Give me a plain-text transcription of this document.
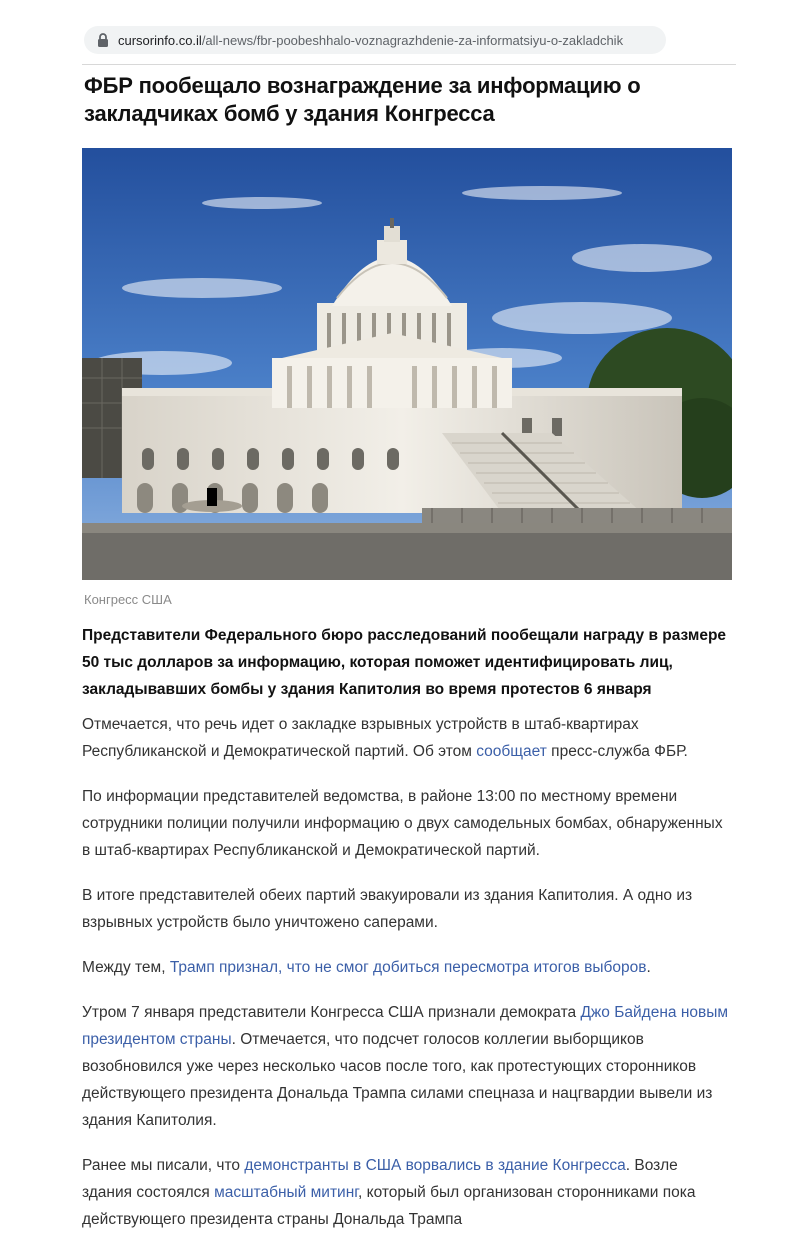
cursorinfo.co.il /all-news/fbr-poobeshhalo-voznagrazhdenie-za-informatsiyu-o-zakladchik
ФБР пообещало вознаграждение за информацию о закладчиках бомб у здания Конгресса
Конгресс США

Представители Федерального бюро расследований пообещали награду в размере 50 тыс долларов за информацию, которая поможет идентифицировать лиц, закладывавших бомбы у здания Капитолия во время протестов 6 января

Отмечается, что речь идет о закладке взрывных устройств в штаб-квартирах Республиканской и Демократической партий. Об этом сообщает пресс-служба ФБР.

По информации представителей ведомства, в районе 13:00 по местному времени сотрудники полиции получили информацию о двух самодельных бомбах, обнаруженных в штаб-квартирах Республиканской и Демократической партий.

В итоге представителей обеих партий эвакуировали из здания Капитолия. А одно из взрывных устройств было уничтожено саперами.

Между тем, Трамп признал, что не смог добиться пересмотра итогов выборов.

Утром 7 января представители Конгресса США признали демократа Джо Байдена новым президентом страны. Отмечается, что подсчет голосов коллегии выборщиков возобновился уже через несколько часов после того, как протестующих сторонников действующего президента Дональда Трампа силами спецназа и нацгвардии вывели из здания Капитолия.

Ранее мы писали, что демонстранты в США ворвались в здание Конгресса. Возле здания состоялся масштабный митинг, который был организован сторонниками пока действующего президента страны Дональда Трампа
